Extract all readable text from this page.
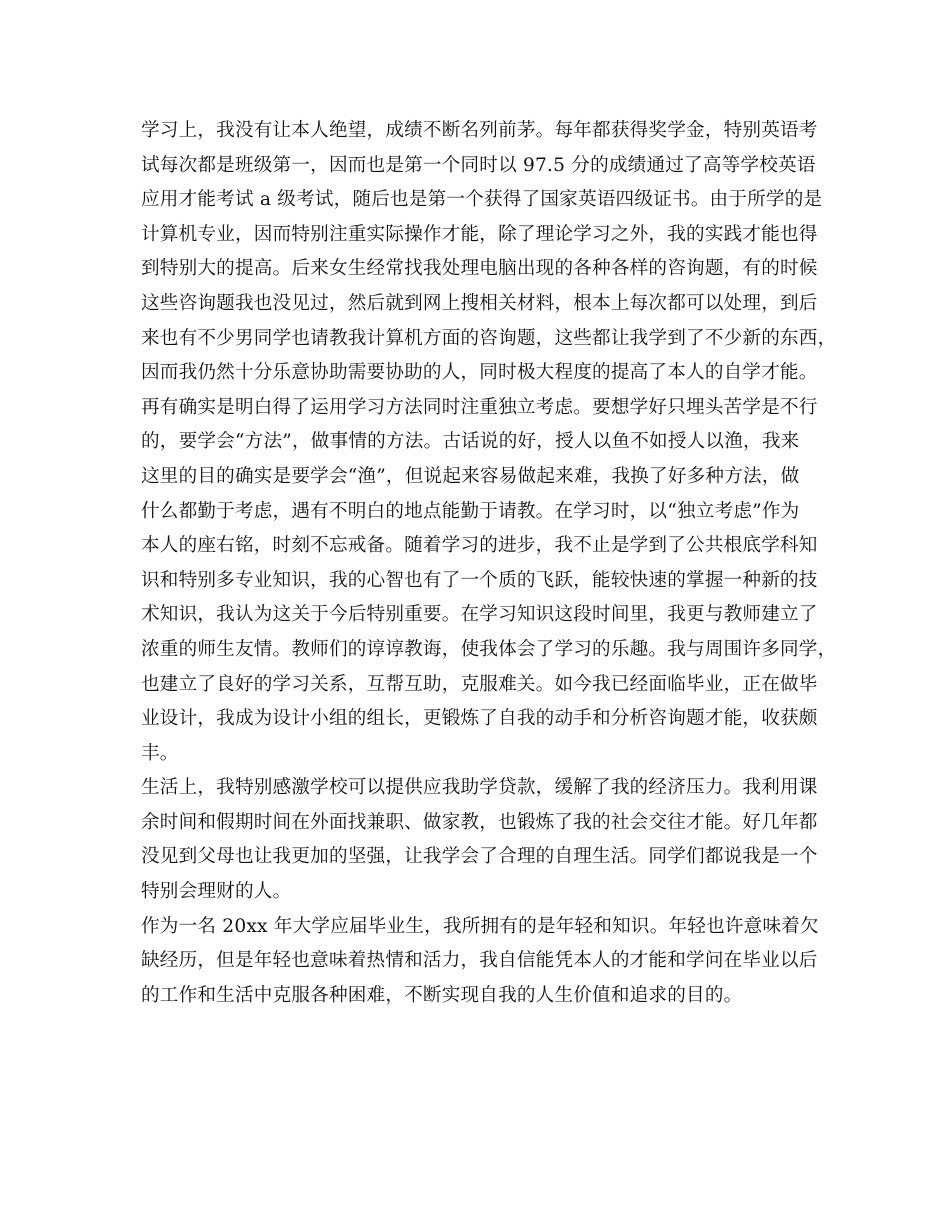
学习上，我没有让本人绝望，成绩不断名列前茅。每年都获得奖学金，特别英语考
试每次都是班级第一，因而也是第一个同时以 97.5 分的成绩通过了高等学校英语
应用才能考试 a 级考试，随后也是第一个获得了国家英语四级证书。由于所学的是
计算机专业，因而特别注重实际操作才能，除了理论学习之外，我的实践才能也得
到特别大的提高。后来女生经常找我处理电脑出现的各种各样的咨询题，有的时候
这些咨询题我也没见过，然后就到网上搜相关材料，根本上每次都可以处理，到后
来也有不少男同学也请教我计算机方面的咨询题，这些都让我学到了不少新的东西，
因而我仍然十分乐意协助需要协助的人，同时极大程度的提高了本人的自学才能。

再有确实是明白得了运用学习方法同时注重独立考虑。要想学好只埋头苦学是不行
的，要学会“方法”，做事情的方法。古话说的好，授人以鱼不如授人以渔，我来
这里的目的确实是要学会“渔”，但说起来容易做起来难，我换了好多种方法，做
什么都勤于考虑，遇有不明白的地点能勤于请教。在学习时，以“独立考虑”作为
本人的座右铭，时刻不忘戒备。随着学习的进步，我不止是学到了公共根底学科知
识和特别多专业知识，我的心智也有了一个质的飞跃，能较快速的掌握一种新的技
术知识，我认为这关于今后特别重要。在学习知识这段时间里，我更与教师建立了
浓重的师生友情。教师们的谆谆教诲，使我体会了学习的乐趣。我与周围许多同学，
也建立了良好的学习关系，互帮互助，克服难关。如今我已经面临毕业，正在做毕
业设计，我成为设计小组的组长，更锻炼了自我的动手和分析咨询题才能，收获颇
丰。

生活上，我特别感激学校可以提供应我助学贷款，缓解了我的经济压力。我利用课
余时间和假期时间在外面找兼职、做家教，也锻炼了我的社会交往才能。好几年都
没见到父母也让我更加的坚强，让我学会了合理的自理生活。同学们都说我是一个
特别会理财的人。

作为一名 20xx 年大学应届毕业生，我所拥有的是年轻和知识。年轻也许意味着欠
缺经历，但是年轻也意味着热情和活力，我自信能凭本人的才能和学问在毕业以后
的工作和生活中克服各种困难，不断实现自我的人生价值和追求的目的。
